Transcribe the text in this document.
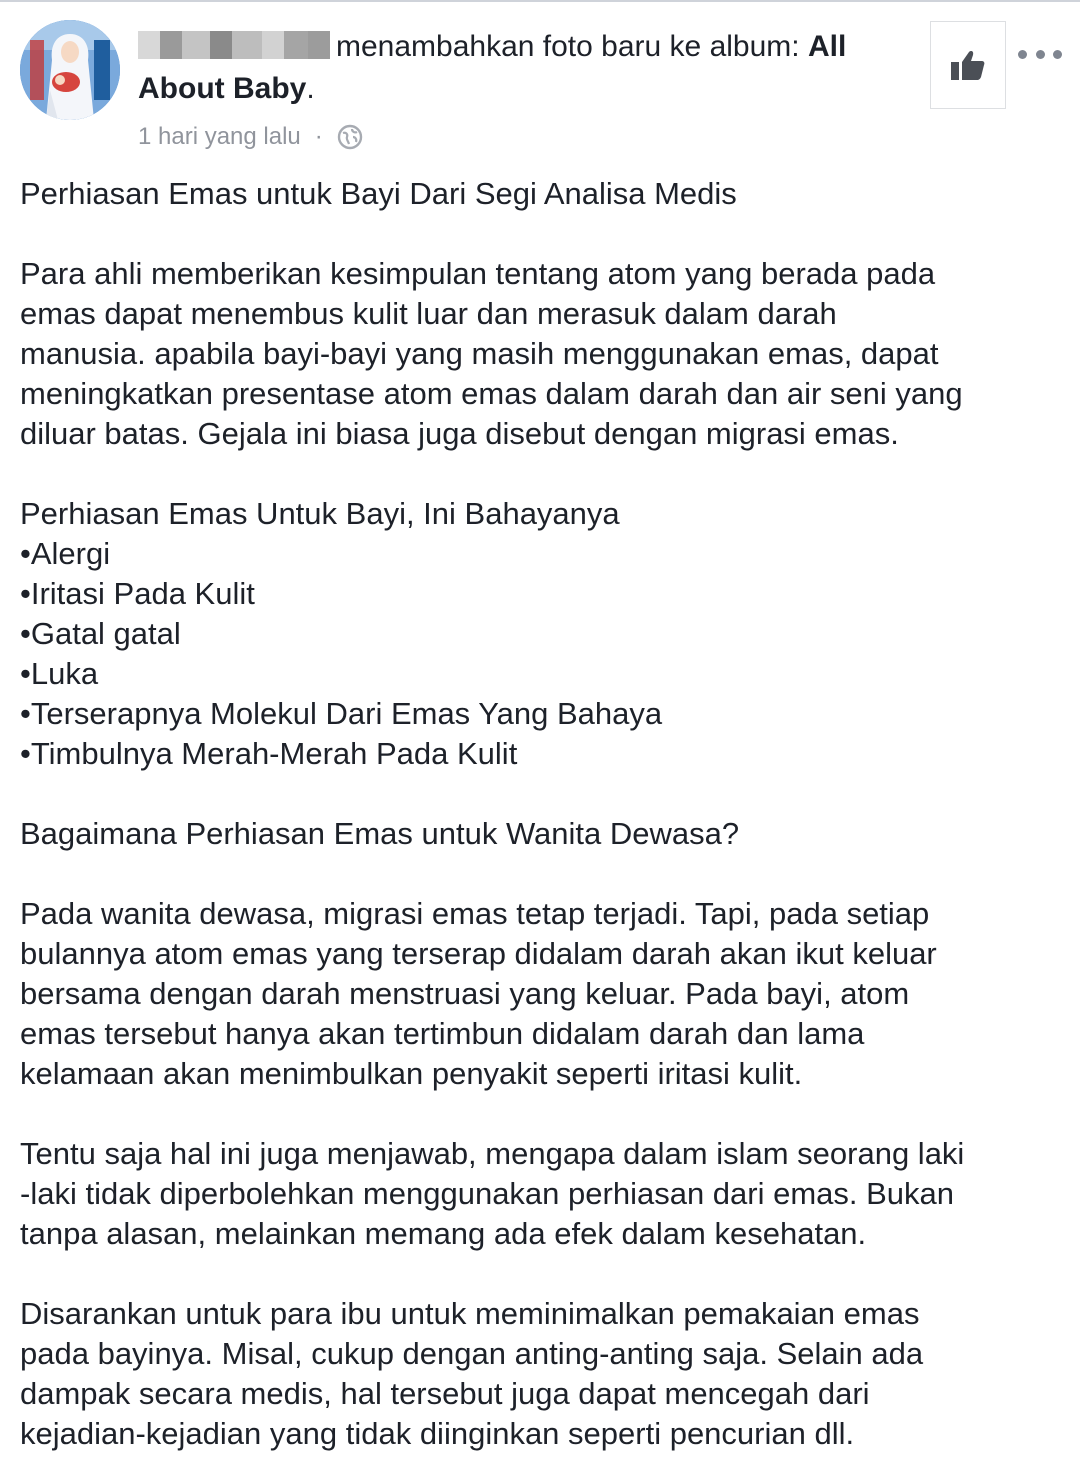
menambahkan foto baru ke album: All About Baby.
1 hari yang lalu ·

Perhiasan Emas untuk Bayi Dari Segi Analisa Medis

Para ahli memberikan kesimpulan tentang atom yang berada pada

emas dapat menembus kulit luar dan merasuk dalam darah

manusia. apabila bayi-bayi yang masih menggunakan emas, dapat

meningkatkan presentase atom emas dalam darah dan air seni yang

diluar batas. Gejala ini biasa juga disebut dengan migrasi emas.

Perhiasan Emas Untuk Bayi, Ini Bahayanya

•Alergi

•Iritasi Pada Kulit

•Gatal gatal

•Luka

•Terserapnya Molekul Dari Emas Yang Bahaya

•Timbulnya Merah-Merah Pada Kulit

Bagaimana Perhiasan Emas untuk Wanita Dewasa?

Pada wanita dewasa, migrasi emas tetap terjadi. Tapi, pada setiap

bulannya atom emas yang terserap didalam darah akan ikut keluar

bersama dengan darah menstruasi yang keluar. Pada bayi, atom

emas tersebut hanya akan tertimbun didalam darah dan lama

kelamaan akan menimbulkan penyakit seperti iritasi kulit.

Tentu saja hal ini juga menjawab, mengapa dalam islam seorang laki

-laki tidak diperbolehkan menggunakan perhiasan dari emas. Bukan

tanpa alasan, melainkan memang ada efek dalam kesehatan.

Disarankan untuk para ibu untuk meminimalkan pemakaian emas

pada bayinya. Misal, cukup dengan anting-anting saja. Selain ada

dampak secara medis, hal tersebut juga dapat mencegah dari

kejadian-kejadian yang tidak diinginkan seperti pencurian dll.
